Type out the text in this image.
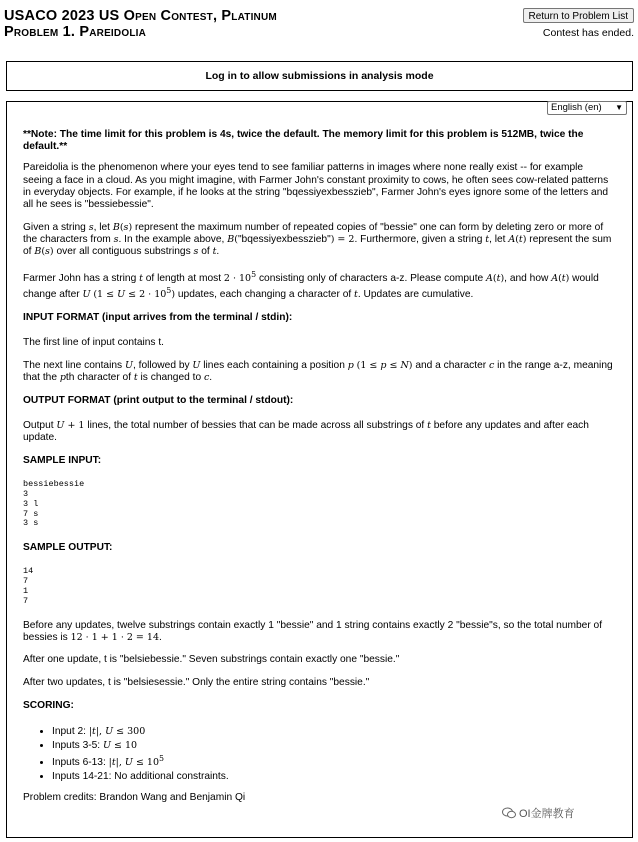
USACO 2023 US Open Contest, Platinum
Problem 1. Pareidolia
Return to Problem List
Contest has ended.
Log in to allow submissions in analysis mode
English (en) ▼

**Note: The time limit for this problem is 4s, twice the default. The memory limit for this problem is 512MB, twice the default.**

Pareidolia is the phenomenon where your eyes tend to see familiar patterns in images where none really exist -- for example seeing a face in a cloud. As you might imagine, with Farmer John's constant proximity to cows, he often sees cow-related patterns in everyday objects. For example, if he looks at the string "bqessiyexbesszieb", Farmer John's eyes ignore some of the letters and all he sees is "bessiebessie".

Given a string s, let B(s) represent the maximum number of repeated copies of "bessie" one can form by deleting zero or more of the characters from s. In the example above, B("bqessiyexbesszieb") = 2. Furthermore, given a string t, let A(t) represent the sum of B(s) over all contiguous substrings s of t.

Farmer John has a string t of length at most $2 \cdot 10^5$ consisting only of characters a-z. Please compute A(t), and how A(t) would change after U $(1 \le U \le 2 \cdot 10^5)$ updates, each changing a character of t. Updates are cumulative.

INPUT FORMAT (input arrives from the terminal / stdin):

The first line of input contains t.

The next line contains U, followed by U lines each containing a position p (1 ≤ p ≤ N) and a character c in the range a-z, meaning that the pth character of t is changed to c.

OUTPUT FORMAT (print output to the terminal / stdout):

Output U + 1 lines, the total number of bessies that can be made across all substrings of t before any updates and after each update.

SAMPLE INPUT:

bessiebessie
3
3 l
7 s
3 s

SAMPLE OUTPUT:

14
7
1
7

Before any updates, twelve substrings contain exactly 1 "bessie" and 1 string contains exactly 2 "bessie"s, so the total number of bessies is 12 · 1 + 1 · 2 = 14.

After one update, t is "belsiebessie." Seven substrings contain exactly one "bessie."

After two updates, t is "belsiesessie." Only the entire string contains "bessie."

SCORING:

• Input 2: |t|, U ≤ 300
• Inputs 3-5: U ≤ 10
• Inputs 6-13: |t|, $U \le 10^5$
• Inputs 14-21: No additional constraints.

Problem credits: Brandon Wang and Benjamin Qi

OI金牌教育
